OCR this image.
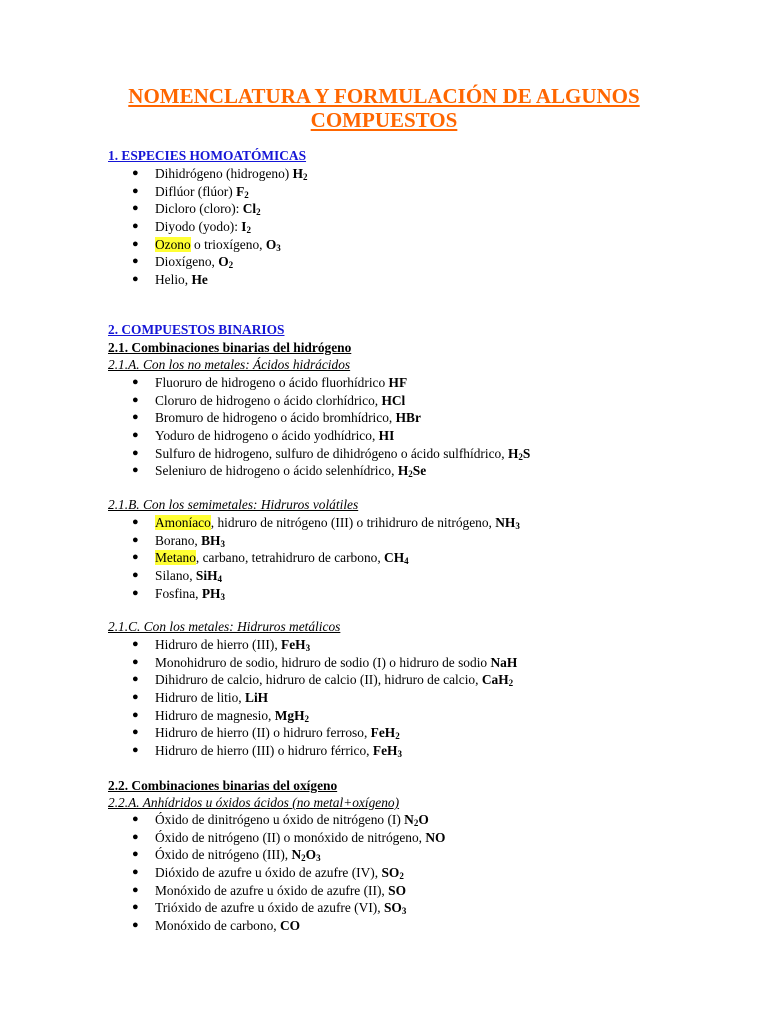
NOMENCLATURA Y FORMULACIÓN DE ALGUNOS
COMPUESTOS
1. ESPECIES HOMOATÓMICAS
● Dihidrógeno (hidrogeno) $H_2$
● Diflúor (flúor) $F_2$
● Dicloro (cloro): $Cl_2$
● Diyodo (yodo): $I_2$
● Ozono o trioxígeno, $O_3$
● Dioxígeno, $O_2$
● Helio, He
2. COMPUESTOS BINARIOS
2.1. Combinaciones binarias del hidrógeno
2.1.A. Con los no metales: Ácidos hidrácidos
● Fluoruro de hidrogeno o ácido fluorhídrico HF
● Cloruro de hidrogeno o ácido clorhídrico, HCl
● Bromuro de hidrogeno o ácido bromhídrico, HBr
● Yoduro de hidrogeno o ácido yodhídrico, HI
● Sulfuro de hidrogeno, sulfuro de dihidrógeno o ácido sulfhídrico, $H_2S$
● Seleniuro de hidrogeno o ácido selenhídrico, $H_2Se$
2.1.B. Con los semimetales: Hidruros volátiles
● Amoníaco, hidruro de nitrógeno (III) o trihidruro de nitrógeno, $NH_3$
● Borano, $BH_3$
● Metano, carbano, tetrahidruro de carbono, $CH_4$
● Silano, SiH$_4$
● Fosfina, $PH_3$
2.1.C. Con los metales: Hidruros metálicos
● Hidruro de hierro (III), FeH$_3$
● Monohidruro de sodio, hidruro de sodio (I) o hidruro de sodio NaH
● Dihidruro de calcio, hidruro de calcio (II), hidruro de calcio, CaH$_2$
● Hidruro de litio, LiH
● Hidruro de magnesio, MgH$_2$
● Hidruro de hierro (II) o hidruro ferroso, FeH$_2$
● Hidruro de hierro (III) o hidruro férrico, FeH$_3$
2.2. Combinaciones binarias del oxígeno
2.2.A. Anhídridos u óxidos ácidos (no metal+oxígeno)
● Óxido de dinitrógeno u óxido de nitrógeno (I) $N_2O$
● Óxido de nitrógeno (II) o monóxido de nitrógeno, NO
● Óxido de nitrógeno (III), $N_2O_3$
● Dióxido de azufre u óxido de azufre (IV), $SO_2$
● Monóxido de azufre u óxido de azufre (II), SO
● Trióxido de azufre u óxido de azufre (VI), $SO_3$
● Monóxido de carbono, CO
